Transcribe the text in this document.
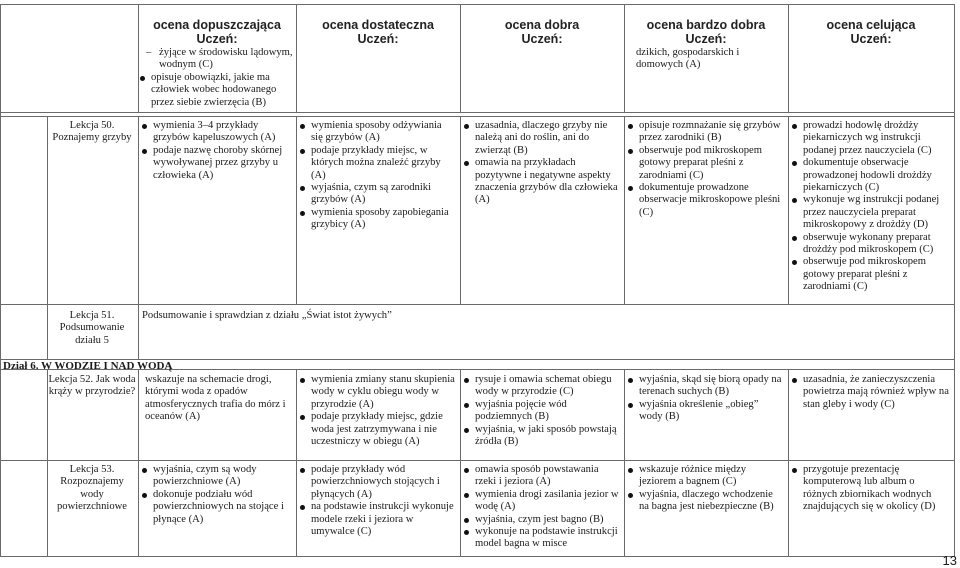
ocena dopuszczająca
Uczeń:
– żyjące w środowisku lądowym, wodnym (C)
opisuje obowiązki, jakie ma człowiek wobec hodowanego przez siebie zwierzęcia (B)
ocena dostateczna
Uczeń:
ocena dobra
Uczeń:
ocena bardzo dobra
Uczeń:
dzikich, gospodarskich i domowych (A)
ocena celująca
Uczeń:
Lekcja 50. Poznajemy grzyby
wymienia 3–4 przykłady grzybów kapeluszowych (A)
podaje nazwę choroby skórnej wywoływanej przez grzyby u człowieka (A)
wymienia sposoby odżywiania się grzybów (A)
podaje przykłady miejsc, w których można znaleźć grzyby (A)
wyjaśnia, czym są zarodniki grzybów (A)
wymienia sposoby zapobiegania grzybicy (A)
uzasadnia, dlaczego grzyby nie należą ani do roślin, ani do zwierząt (B)
omawia na przykładach pozytywne i negatywne aspekty znaczenia grzybów dla człowieka (A)
opisuje rozmnażanie się grzybów przez zarodniki (B)
obserwuje pod mikroskopem gotowy preparat pleśni z zarodniami (C)
dokumentuje prowadzone obserwacje mikroskopowe pleśni (C)
prowadzi hodowlę drożdży piekarniczych wg instrukcji podanej przez nauczyciela (C)
dokumentuje obserwacje prowadzonej hodowli drożdży piekarniczych (C)
wykonuje wg instrukcji podanej przez nauczyciela preparat mikroskopowy z drożdży (D)
obserwuje wykonany preparat drożdży pod mikroskopem (C)
obserwuje pod mikroskopem gotowy preparat pleśni z zarodniami (C)
Lekcja 51. Podsumowanie działu 5
Podsumowanie i sprawdzian z działu „Świat istot żywych”
Dział 6. W WODZIE I NAD WODĄ
Lekcja 52. Jak woda krąży w przyrodzie?
wskazuje na schemacie drogi, którymi woda z opadów atmosferycznych trafia do mórz i oceanów (A)
wymienia zmiany stanu skupienia wody w cyklu obiegu wody w przyrodzie (A)
podaje przykłady miejsc, gdzie woda jest zatrzymywana i nie uczestniczy w obiegu (A)
rysuje i omawia schemat obiegu wody w przyrodzie (C)
wyjaśnia pojęcie wód podziemnych (B)
wyjaśnia, w jaki sposób powstają źródła (B)
wyjaśnia, skąd się biorą opady na terenach suchych (B)
wyjaśnia określenie „obieg” wody (B)
uzasadnia, że zanieczyszczenia powietrza mają również wpływ na stan gleby i wody (C)
Lekcja 53. Rozpoznajemy wody powierzchniowe
wyjaśnia, czym są wody powierzchniowe (A)
dokonuje podziału wód powierzchniowych na stojące i płynące (A)
podaje przykłady wód powierzchniowych stojących i płynących (A)
na podstawie instrukcji wykonuje modele rzeki i jeziora w umywalce (C)
omawia sposób powstawania rzeki i jeziora (A)
wymienia drogi zasilania jezior w wodę (A)
wyjaśnia, czym jest bagno (B)
wykonuje na podstawie instrukcji model bagna w misce
wskazuje różnice między jeziorem a bagnem (C)
wyjaśnia, dlaczego wchodzenie na bagna jest niebezpieczne (B)
przygotuje prezentację komputerową lub album o różnych zbiornikach wodnych znajdujących się w okolicy (D)
13
